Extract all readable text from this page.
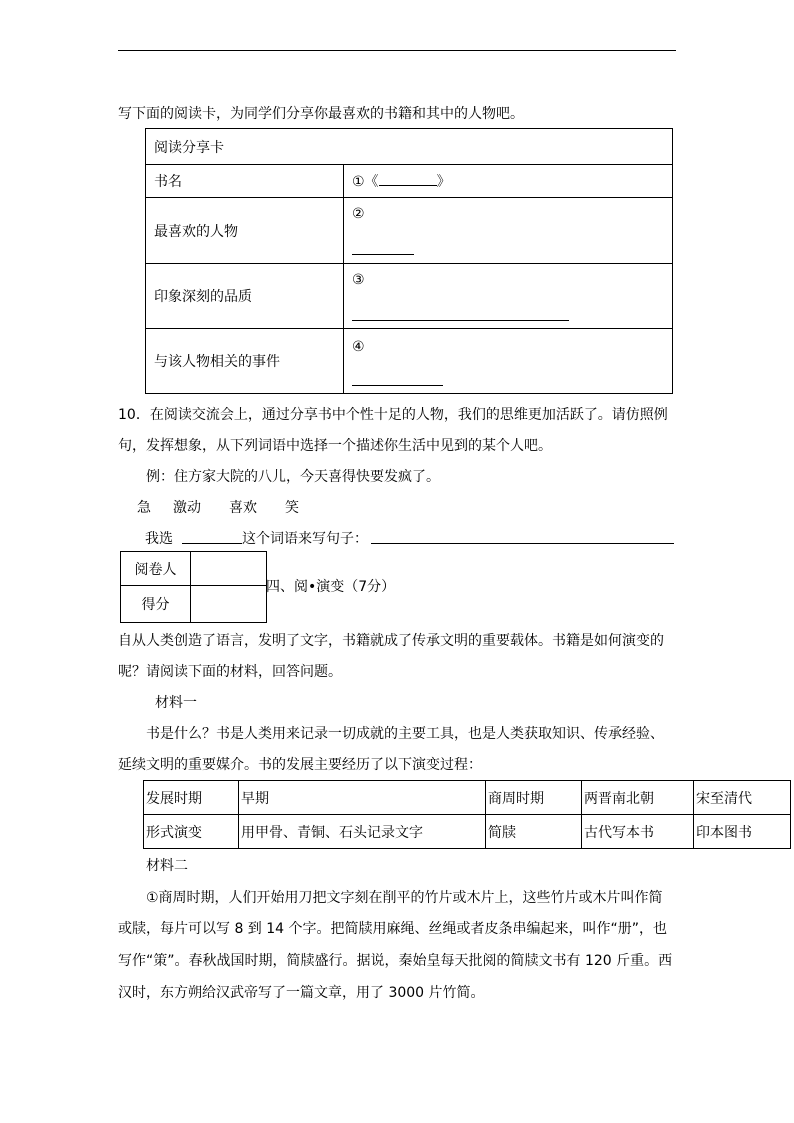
写下面的阅读卡，为同学们分享你最喜欢的书籍和其中的人物吧。
阅读分享卡	
书名	①《 》
最喜欢的人物	②

印象深刻的品质	③

与该人物相关的事件	④
10．在阅读交流会上，通过分享书中个性十足的人物，我们的思维更加活跃了。请仿照例
句，发挥想象，从下列词语中选择一个描述你生活中见到的某个人吧。
例：住方家大院的八儿，今天喜得快要发疯了。
急 激动 喜欢 笑
我选	这个词语来写句子：
阅卷人	
得分	
四、阅•演变（7分）
自从人类创造了语言，发明了文字，书籍就成了传承文明的重要载体。书籍是如何演变的
呢？请阅读下面的材料，回答问题。
材料一
书是什么？书是人类用来记录一切成就的主要工具，也是人类获取知识、传承经验、
延续文明的重要媒介。书的发展主要经历了以下演变过程：
发展时期	早期	商周时期	两晋南北朝	宋至清代
形式演变	用甲骨、青铜、石头记录文字	简牍	古代写本书	印本图书
材料二
①商周时期，人们开始用刀把文字刻在削平的竹片或木片上，这些竹片或木片叫作简
或牍，每片可以写 8 到 14 个字。把简牍用麻绳、丝绳或者皮条串编起来，叫作“册”，也
写作“策”。春秋战国时期，简牍盛行。据说，秦始皇每天批阅的简牍文书有 120 斤重。西
汉时，东方朔给汉武帝写了一篇文章，用了 3000 片竹简。
